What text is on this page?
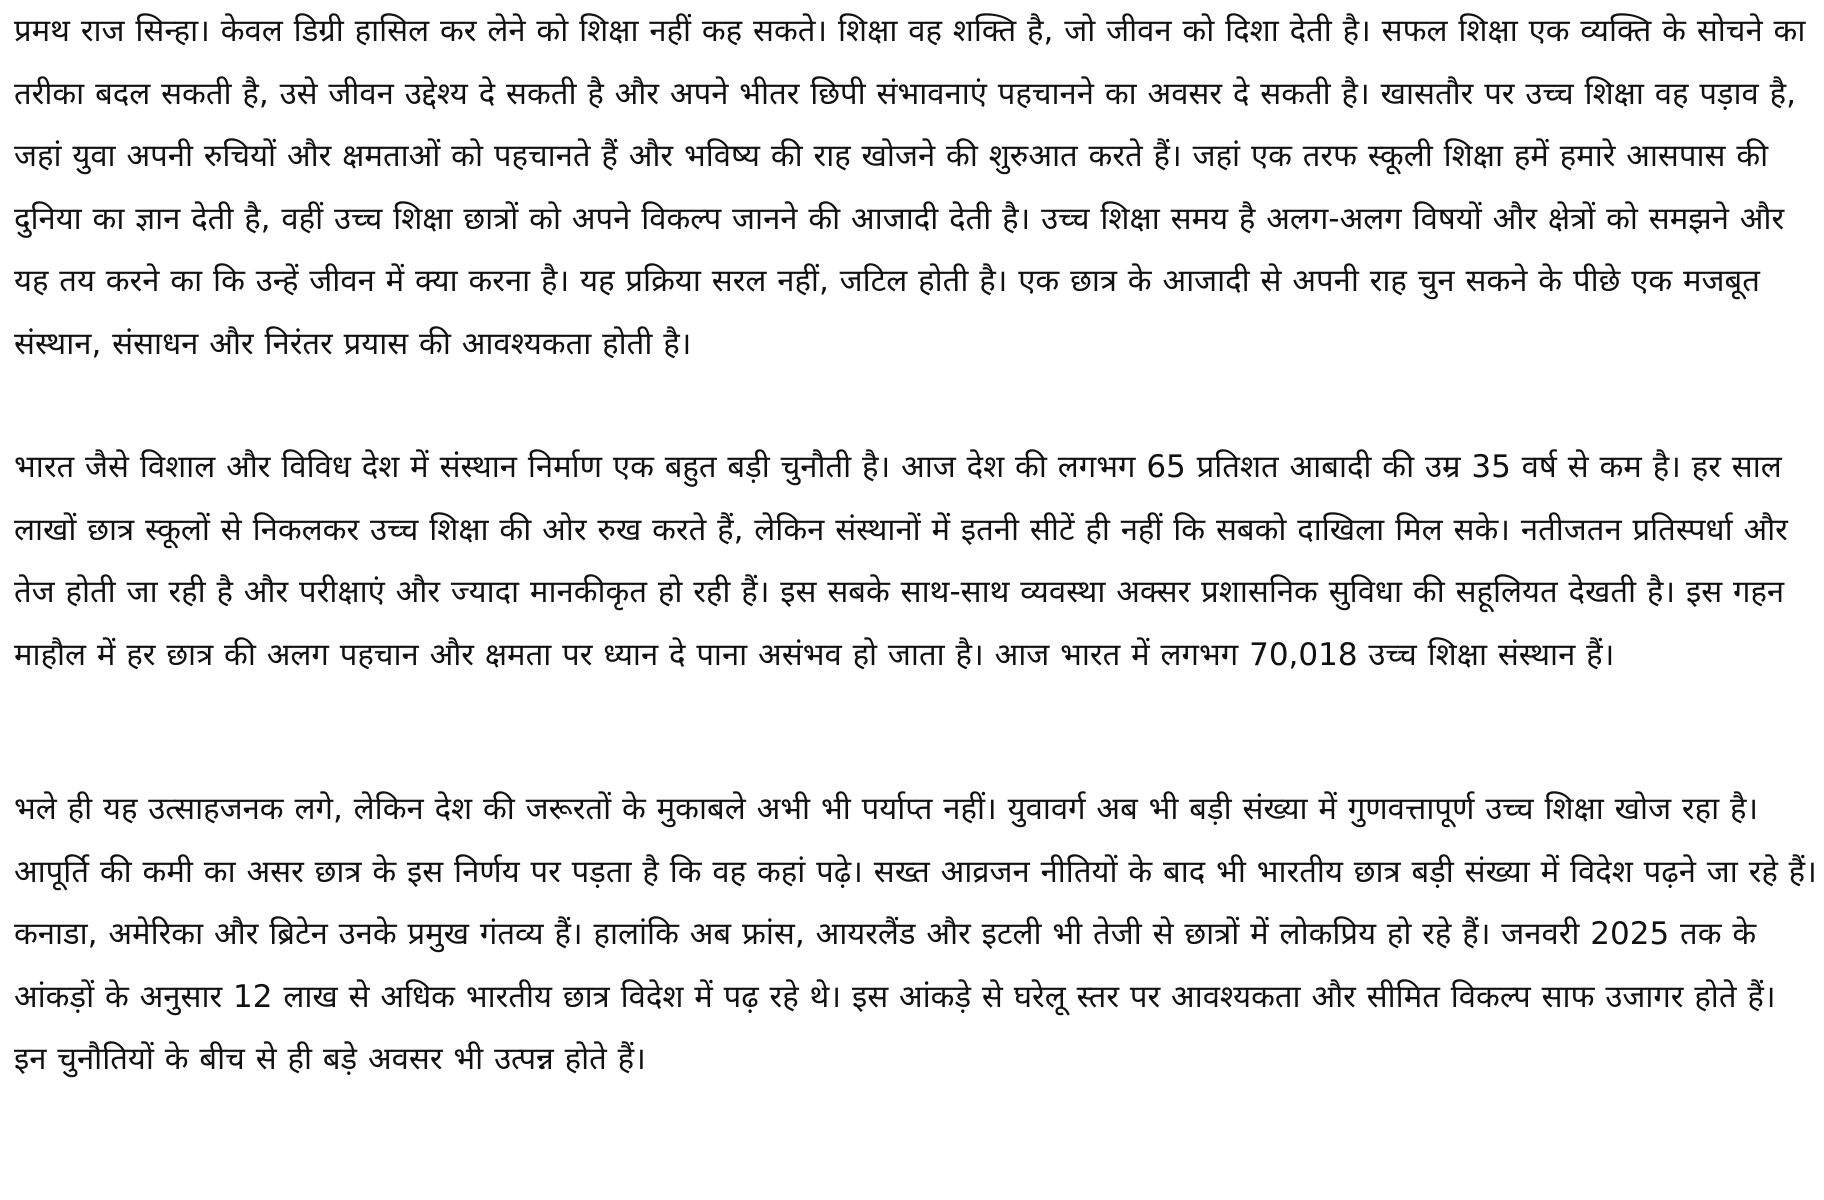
प्रमथ राज सिन्हा। केवल डिग्री हासिल कर लेने को शिक्षा नहीं कह सकते। शिक्षा वह शक्ति है, जो जीवन को दिशा देती है। सफल शिक्षा एक व्यक्ति के सोचने का तरीका बदल सकती है, उसे जीवन उद्देश्य दे सकती है और अपने भीतर छिपी संभावनाएं पहचानने का अवसर दे सकती है। खासतौर पर उच्च शिक्षा वह पड़ाव है, जहां युवा अपनी रुचियों और क्षमताओं को पहचानते हैं और भविष्य की राह खोजने की शुरुआत करते हैं। जहां एक तरफ स्कूली शिक्षा हमें हमारे आसपास की दुनिया का ज्ञान देती है, वहीं उच्च शिक्षा छात्रों को अपने विकल्प जानने की आजादी देती है। उच्च शिक्षा समय है अलग-अलग विषयों और क्षेत्रों को समझने और यह तय करने का कि उन्हें जीवन में क्या करना है। यह प्रक्रिया सरल नहीं, जटिल होती है। एक छात्र के आजादी से अपनी राह चुन सकने के पीछे एक मजबूत संस्थान, संसाधन और निरंतर प्रयास की आवश्यकता होती है।

भारत जैसे विशाल और विविध देश में संस्थान निर्माण एक बहुत बड़ी चुनौती है। आज देश की लगभग 65 प्रतिशत आबादी की उम्र 35 वर्ष से कम है। हर साल लाखों छात्र स्कूलों से निकलकर उच्च शिक्षा की ओर रुख करते हैं, लेकिन संस्थानों में इतनी सीटें ही नहीं कि सबको दाखिला मिल सके। नतीजतन प्रतिस्पर्धा और तेज होती जा रही है और परीक्षाएं और ज्यादा मानकीकृत हो रही हैं। इस सबके साथ-साथ व्यवस्था अक्सर प्रशासनिक सुविधा की सहूलियत देखती है। इस गहन माहौल में हर छात्र की अलग पहचान और क्षमता पर ध्यान दे पाना असंभव हो जाता है। आज भारत में लगभग 70,018 उच्च शिक्षा संस्थान हैं।

भले ही यह उत्साहजनक लगे, लेकिन देश की जरूरतों के मुकाबले अभी भी पर्याप्त नहीं। युवावर्ग अब भी बड़ी संख्या में गुणवत्तापूर्ण उच्च शिक्षा खोज रहा है। आपूर्ति की कमी का असर छात्र के इस निर्णय पर पड़ता है कि वह कहां पढ़े। सख्त आव्रजन नीतियों के बाद भी भारतीय छात्र बड़ी संख्या में विदेश पढ़ने जा रहे हैं। कनाडा, अमेरिका और ब्रिटेन उनके प्रमुख गंतव्य हैं। हालांकि अब फ्रांस, आयरलैंड और इटली भी तेजी से छात्रों में लोकप्रिय हो रहे हैं। जनवरी 2025 तक के आंकड़ों के अनुसार 12 लाख से अधिक भारतीय छात्र विदेश में पढ़ रहे थे। इस आंकड़े से घरेलू स्तर पर आवश्यकता और सीमित विकल्प साफ उजागर होते हैं। इन चुनौतियों के बीच से ही बड़े अवसर भी उत्पन्न होते हैं।
